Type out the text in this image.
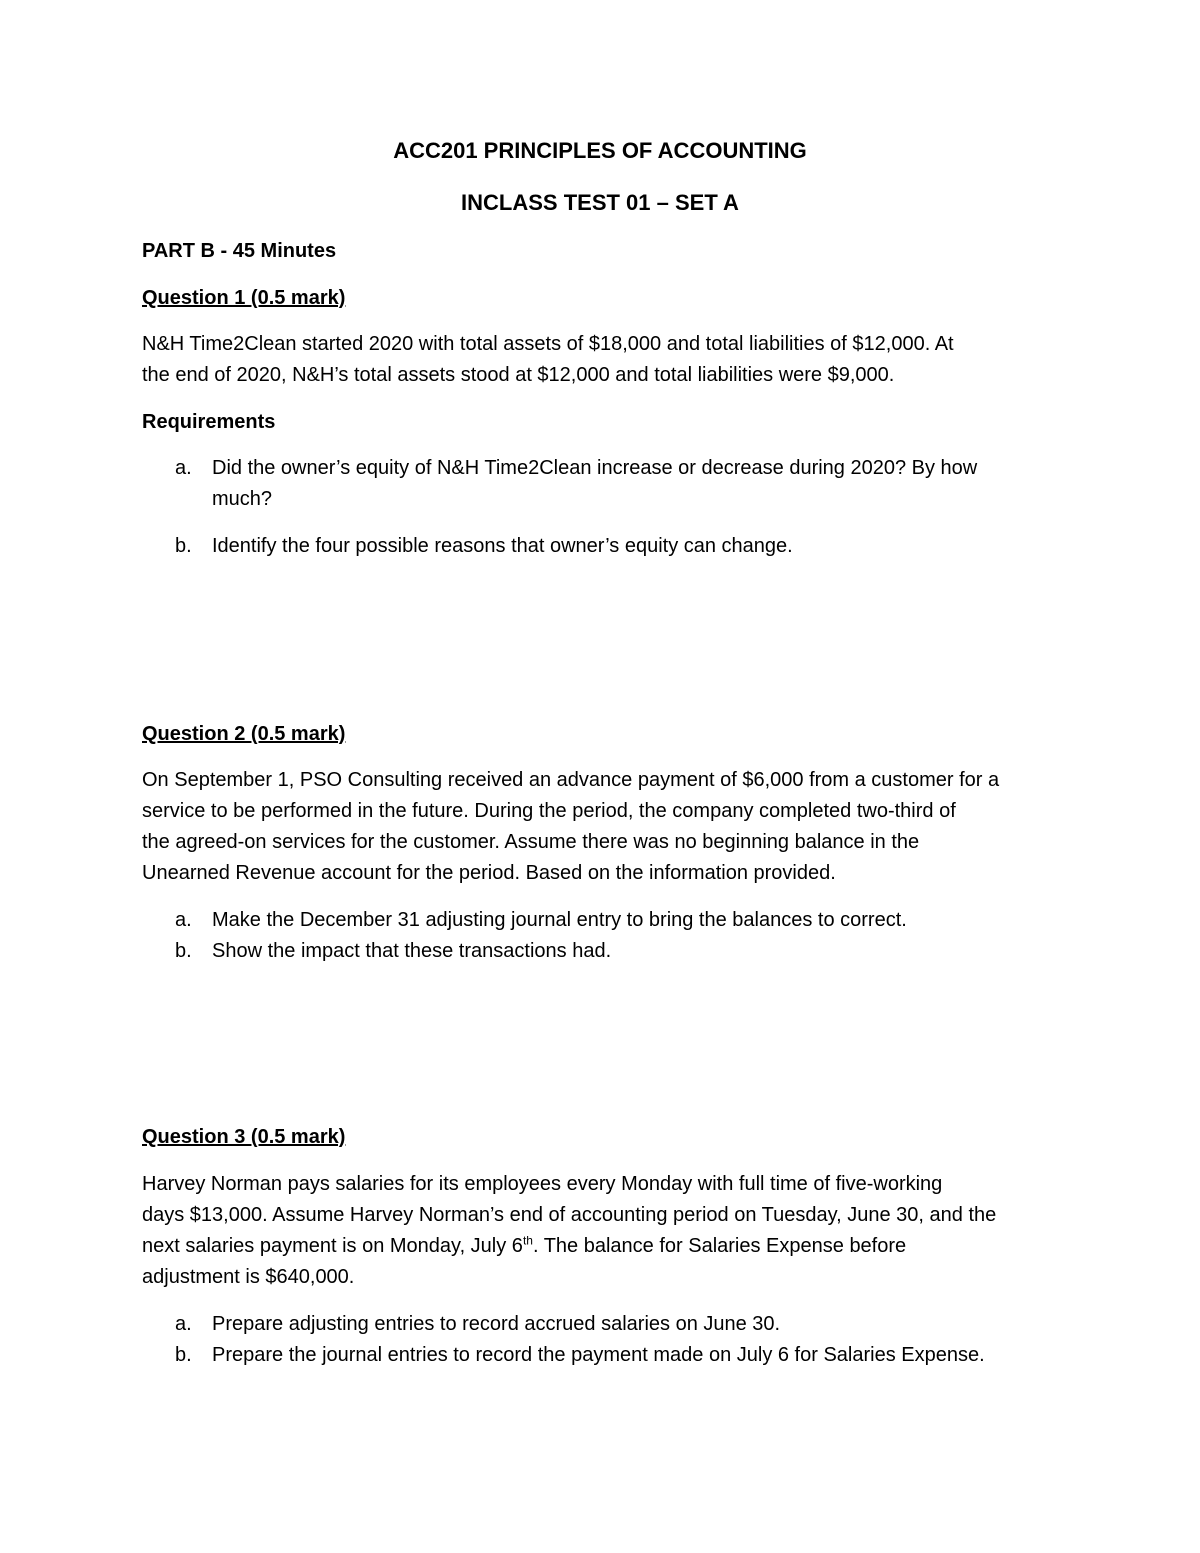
ACC201 PRINCIPLES OF ACCOUNTING
INCLASS TEST 01 – SET A
PART B - 45 Minutes
Question 1 (0.5 mark)
N&H Time2Clean started 2020 with total assets of $18,000 and total liabilities of $12,000. At
the end of 2020, N&H’s total assets stood at $12,000 and total liabilities were $9,000.
Requirements
a.	Did the owner’s equity of N&H Time2Clean increase or decrease during 2020? By how
much?
b.	Identify the four possible reasons that owner’s equity can change.
Question 2 (0.5 mark)
On September 1, PSO Consulting received an advance payment of $6,000 from a customer for a
service to be performed in the future. During the period, the company completed two-third of
the agreed-on services for the customer. Assume there was no beginning balance in the
Unearned Revenue account for the period. Based on the information provided.
a.	Make the December 31 adjusting journal entry to bring the balances to correct.
b.	Show the impact that these transactions had.
Question 3 (0.5 mark)
Harvey Norman pays salaries for its employees every Monday with full time of five-working
days $13,000. Assume Harvey Norman’s end of accounting period on Tuesday, June 30, and the
next salaries payment is on Monday, July 6th. The balance for Salaries Expense before
adjustment is $640,000.
a.	Prepare adjusting entries to record accrued salaries on June 30.
b.	Prepare the journal entries to record the payment made on July 6 for Salaries Expense.
